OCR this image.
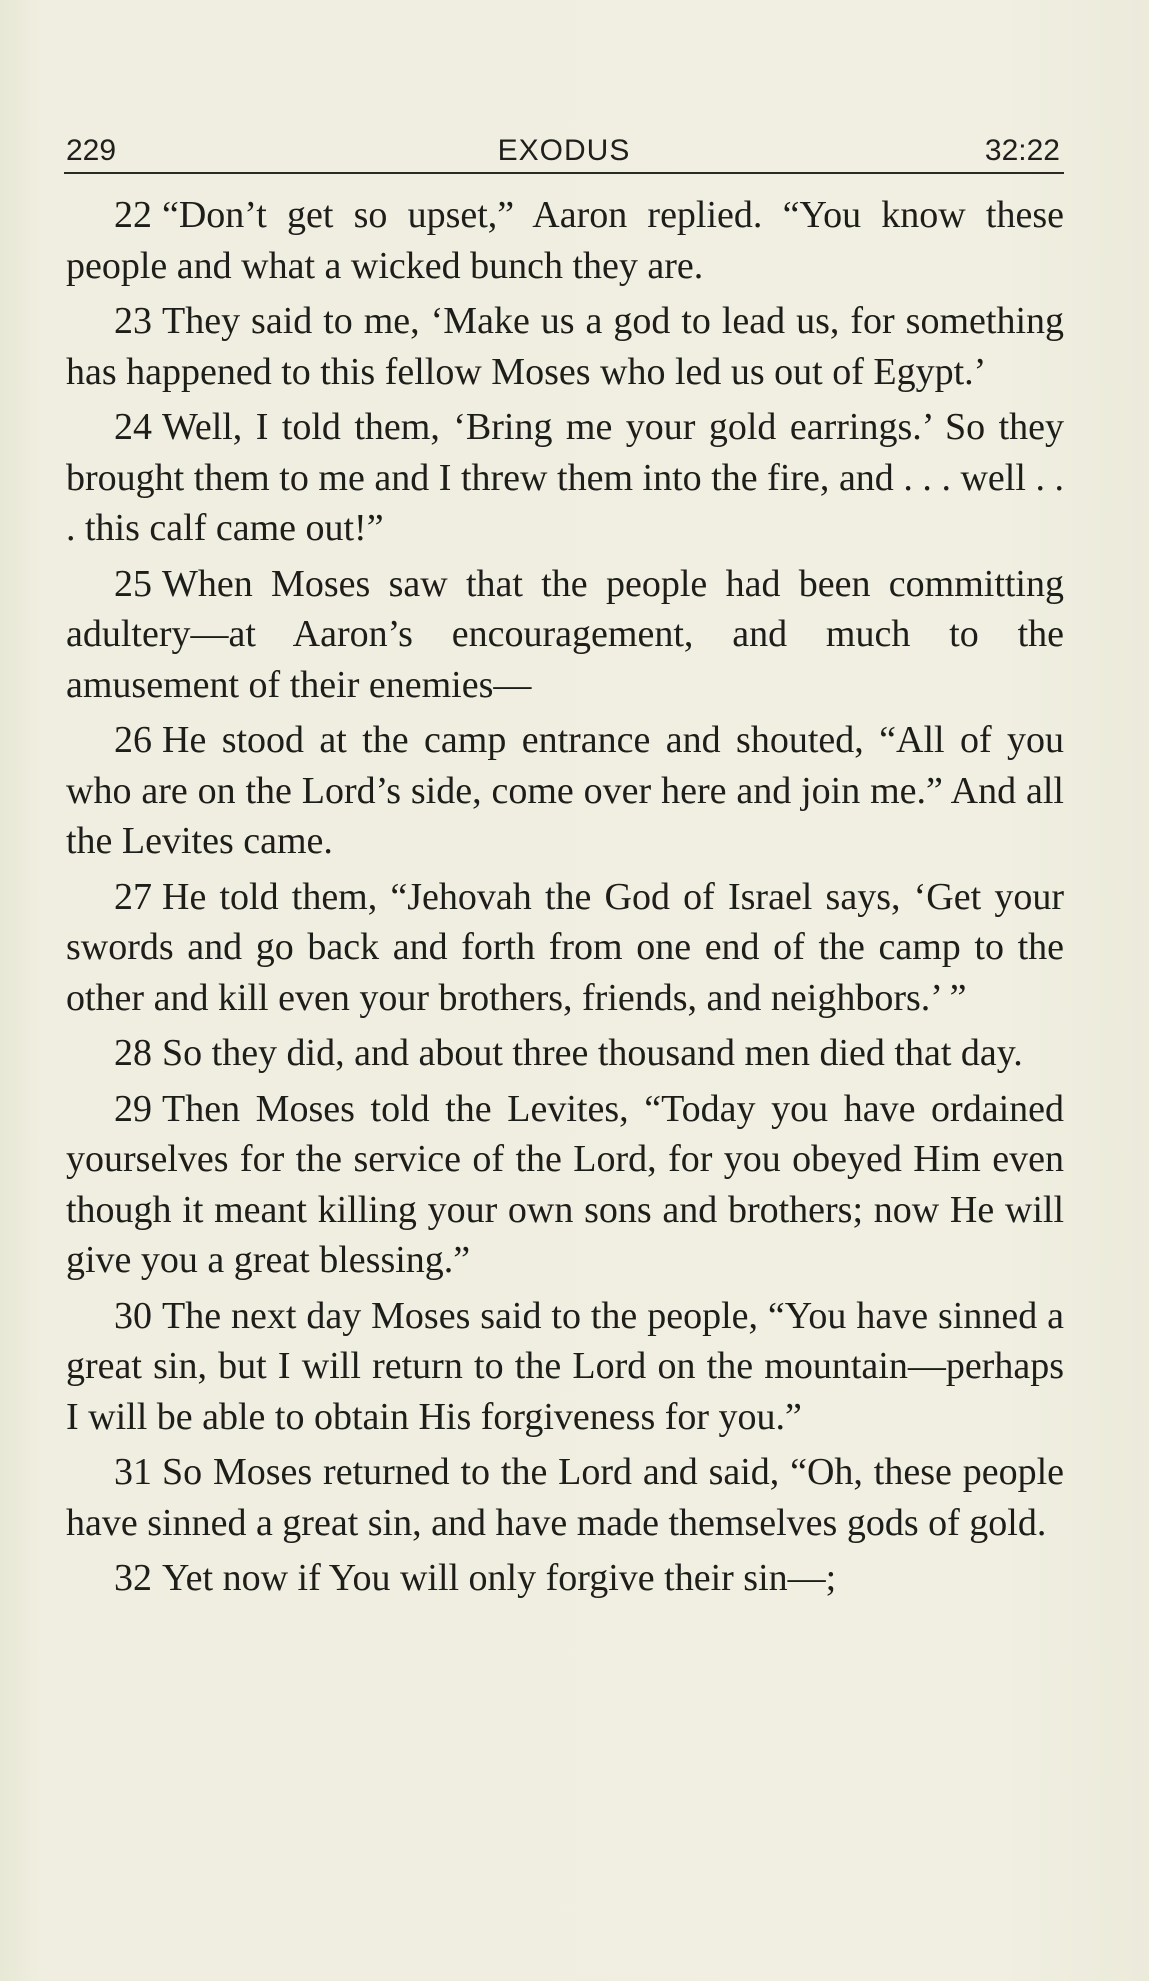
229	EXODUS	32:22

22 “Don’t get so upset,” Aaron replied. “You know these people and what a wicked bunch they are.

23 They said to me, ‘Make us a god to lead us, for something has happened to this fellow Moses who led us out of Egypt.’

24 Well, I told them, ‘Bring me your gold earrings.’ So they brought them to me and I threw them into the fire, and . . . well . . . this calf came out!”

25 When Moses saw that the people had been committing adultery—at Aaron’s encouragement, and much to the amusement of their enemies—

26 He stood at the camp entrance and shouted, “All of you who are on the Lord’s side, come over here and join me.” And all the Levites came.

27 He told them, “Jehovah the God of Israel says, ‘Get your swords and go back and forth from one end of the camp to the other and kill even your brothers, friends, and neighbors.’ ”

28 So they did, and about three thousand men died that day.

29 Then Moses told the Levites, “Today you have ordained yourselves for the service of the Lord, for you obeyed Him even though it meant killing your own sons and brothers; now He will give you a great blessing.”

30 The next day Moses said to the people, “You have sinned a great sin, but I will return to the Lord on the mountain—perhaps I will be able to obtain His forgiveness for you.”

31 So Moses returned to the Lord and said, “Oh, these people have sinned a great sin, and have made themselves gods of gold.

32 Yet now if You will only forgive their sin—;
